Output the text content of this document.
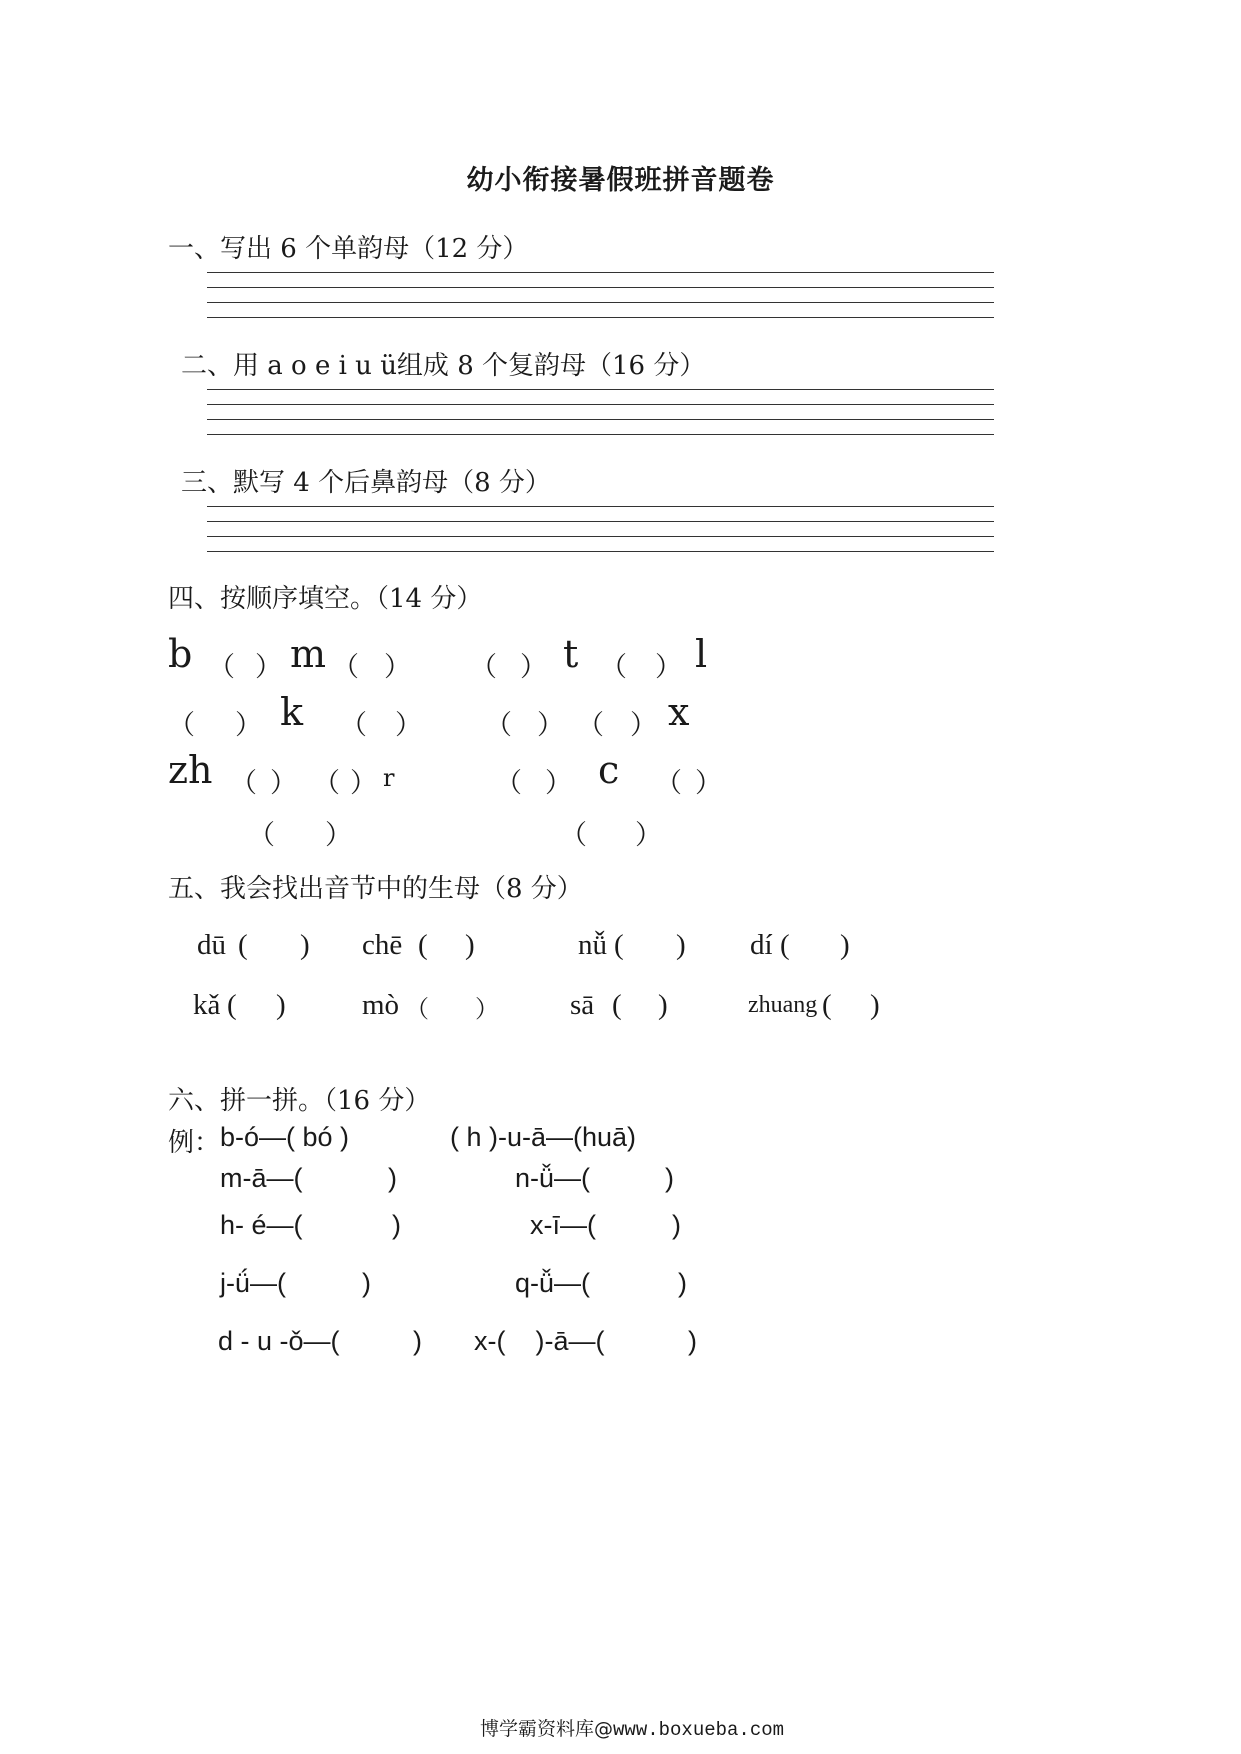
幼小衔接暑假班拼音题卷
一、写出 6 个单韵母（12 分）
二、用 a o e i u ü组成 8 个复韵母（16 分）
三、默写 4 个后鼻韵母（8 分）
四、按顺序填空。（14 分）
b （ ） m （ ） （ ） t （ ） l
（ ） k （ ） （ ） （ ） x
zh （ ） （ ） r	（ ） c （ ）
（ ）	（ ）
五、我会找出音节中的生母（8 分）
dū ( ) chē ( )	nǚ ( ) dí ( )
kǎ ( )	mò （ ） sā ( )	zhuang ( )
六、拼一拼。（16 分）
例： b-ó—( bó )	( h )-u-ā—(huā)
m-ā—(	)	n-ǚ—(	)
h- é—(	)	x-ī—(	)
j-ǘ—(	)	q-ǚ—(	)
d - u -ǒ—(	) x-(    )-ā—(	)
博学霸资料库@www.boxueba.com
